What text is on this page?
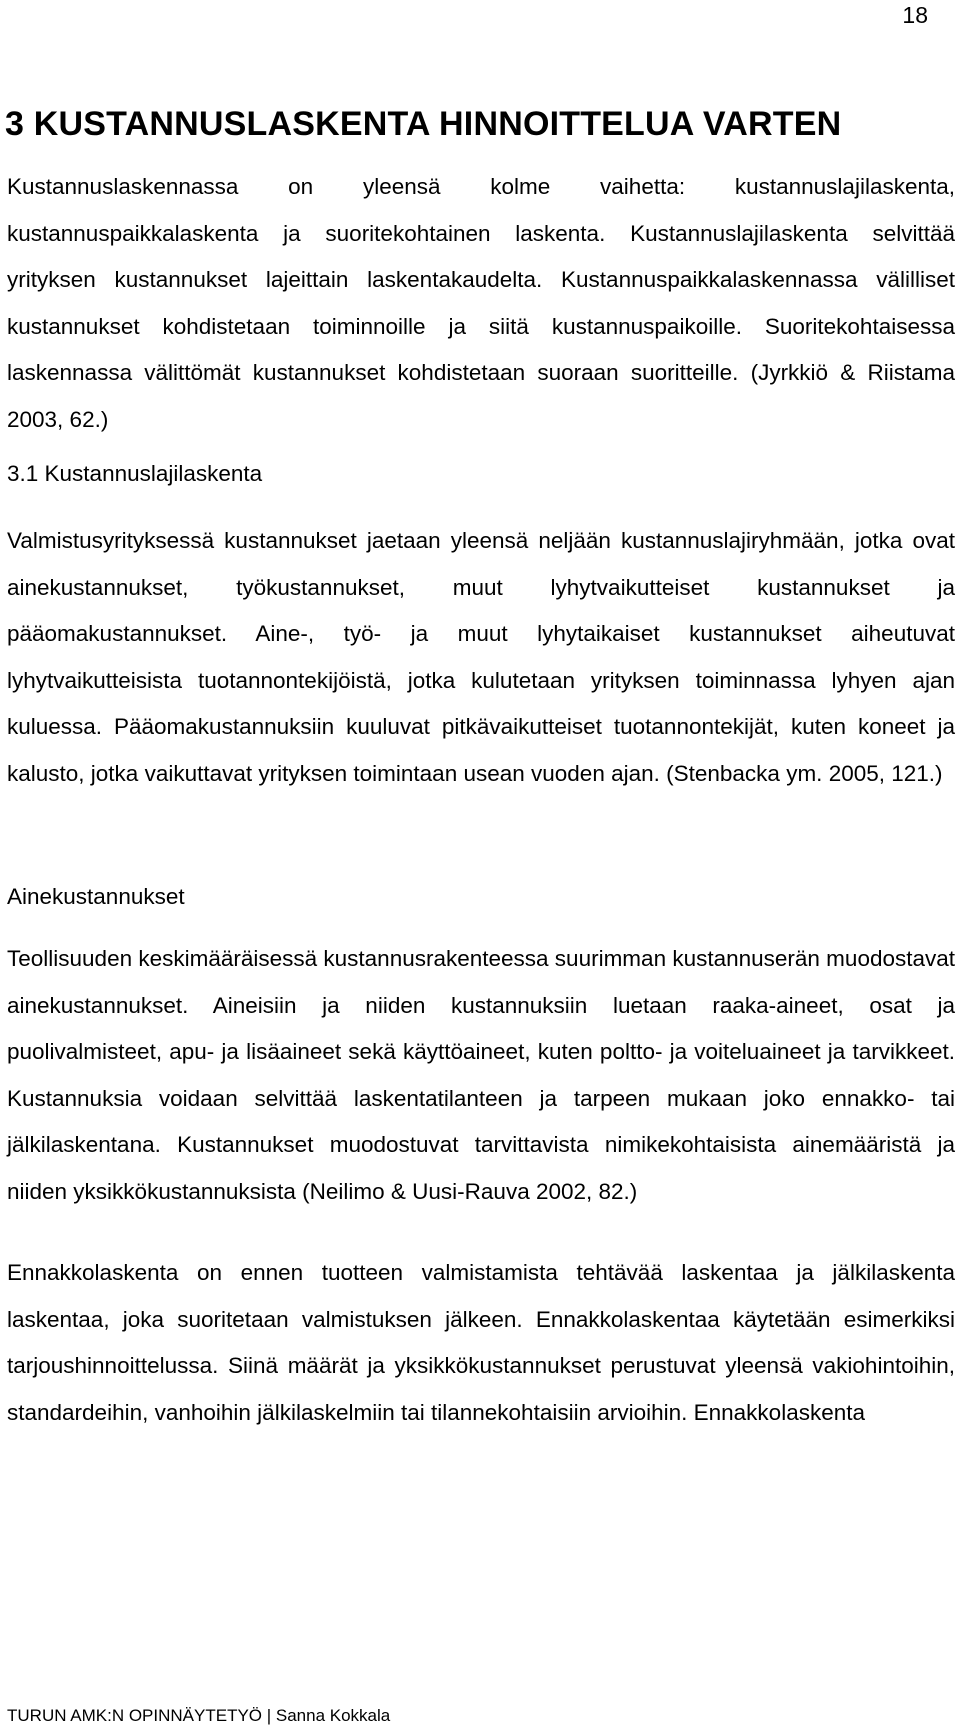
18
3 KUSTANNUSLASKENTA HINNOITTELUA VARTEN

Kustannuslaskennassa on yleensä kolme vaihetta: kustannuslajilaskenta, kustannuspaikkalaskenta ja suoritekohtainen laskenta. Kustannuslajilaskenta selvittää yrityksen kustannukset lajeittain laskentakaudelta. Kustannuspaikkalaskennassa välilliset kustannukset kohdistetaan toiminnoille ja siitä kustannuspaikoille. Suoritekohtaisessa laskennassa välittömät kustannukset kohdistetaan suoraan suoritteille. (Jyrkkiö & Riistama 2003, 62.)

3.1 Kustannuslajilaskenta

Valmistusyrityksessä kustannukset jaetaan yleensä neljään kustannuslajiryhmään, jotka ovat ainekustannukset, työkustannukset, muut lyhytvaikutteiset kustannukset ja pääomakustannukset. Aine-, työ- ja muut lyhytaikaiset kustannukset aiheutuvat lyhytvaikutteisista tuotannontekijöistä, jotka kulutetaan yrityksen toiminnassa lyhyen ajan kuluessa. Pääomakustannuksiin kuuluvat pitkävaikutteiset tuotannontekijät, kuten koneet ja kalusto, jotka vaikuttavat yrityksen toimintaan usean vuoden ajan. (Stenbacka ym. 2005, 121.)

Ainekustannukset

Teollisuuden keskimääräisessä kustannusrakenteessa suurimman kustannuserän muodostavat ainekustannukset. Aineisiin ja niiden kustannuksiin luetaan raaka-aineet, osat ja puolivalmisteet, apu- ja lisäaineet sekä käyttöaineet, kuten poltto- ja voiteluaineet ja tarvikkeet. Kustannuksia voidaan selvittää laskentatilanteen ja tarpeen mukaan joko ennakko- tai jälkilaskentana. Kustannukset muodostuvat tarvittavista nimikekohtaisista ainemääristä ja niiden yksikkökustannuksista (Neilimo & Uusi-Rauva 2002, 82.)

Ennakkolaskenta on ennen tuotteen valmistamista tehtävää laskentaa ja jälkilaskenta laskentaa, joka suoritetaan valmistuksen jälkeen. Ennakkolaskentaa käytetään esimerkiksi tarjoushinnoittelussa. Siinä määrät ja yksikkökustannukset perustuvat yleensä vakiohintoihin, standardeihin, vanhoihin jälkilaskelmiin tai tilannekohtaisiin arvioihin. Ennakkolaskenta

TURUN AMK:N OPINNÄYTETYÖ | Sanna Kokkala
